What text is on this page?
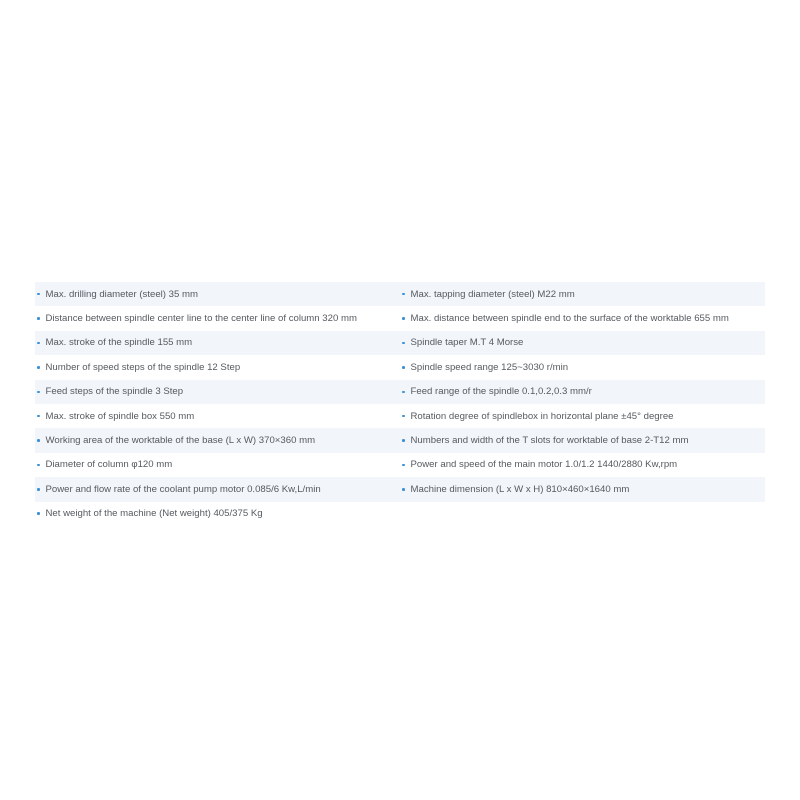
Max. drilling diameter (steel) 35 mm	Max. tapping diameter (steel) M22 mm
Distance between spindle center line to the center line of column 320 mm	Max. distance between spindle end to the surface of the worktable 655 mm
Max. stroke of the spindle 155 mm	Spindle taper M.T 4 Morse
Number of speed steps of the spindle 12 Step	Spindle speed range 125~3030 r/min
Feed steps of the spindle 3 Step	Feed range of the spindle 0.1,0.2,0.3 mm/r
Max. stroke of spindle box 550 mm	Rotation degree of spindlebox in horizontal plane ±45° degree
Working area of the worktable of the base (L x W) 370×360 mm	Numbers and width of the T slots for worktable of base 2-T12 mm
Diameter of column φ120 mm	Power and speed of the main motor 1.0/1.2 1440/2880 Kw,rpm
Power and flow rate of the coolant pump motor 0.085/6 Kw,L/min	Machine dimension (L x W x H) 810×460×1640 mm
Net weight of the machine (Net weight) 405/375 Kg
